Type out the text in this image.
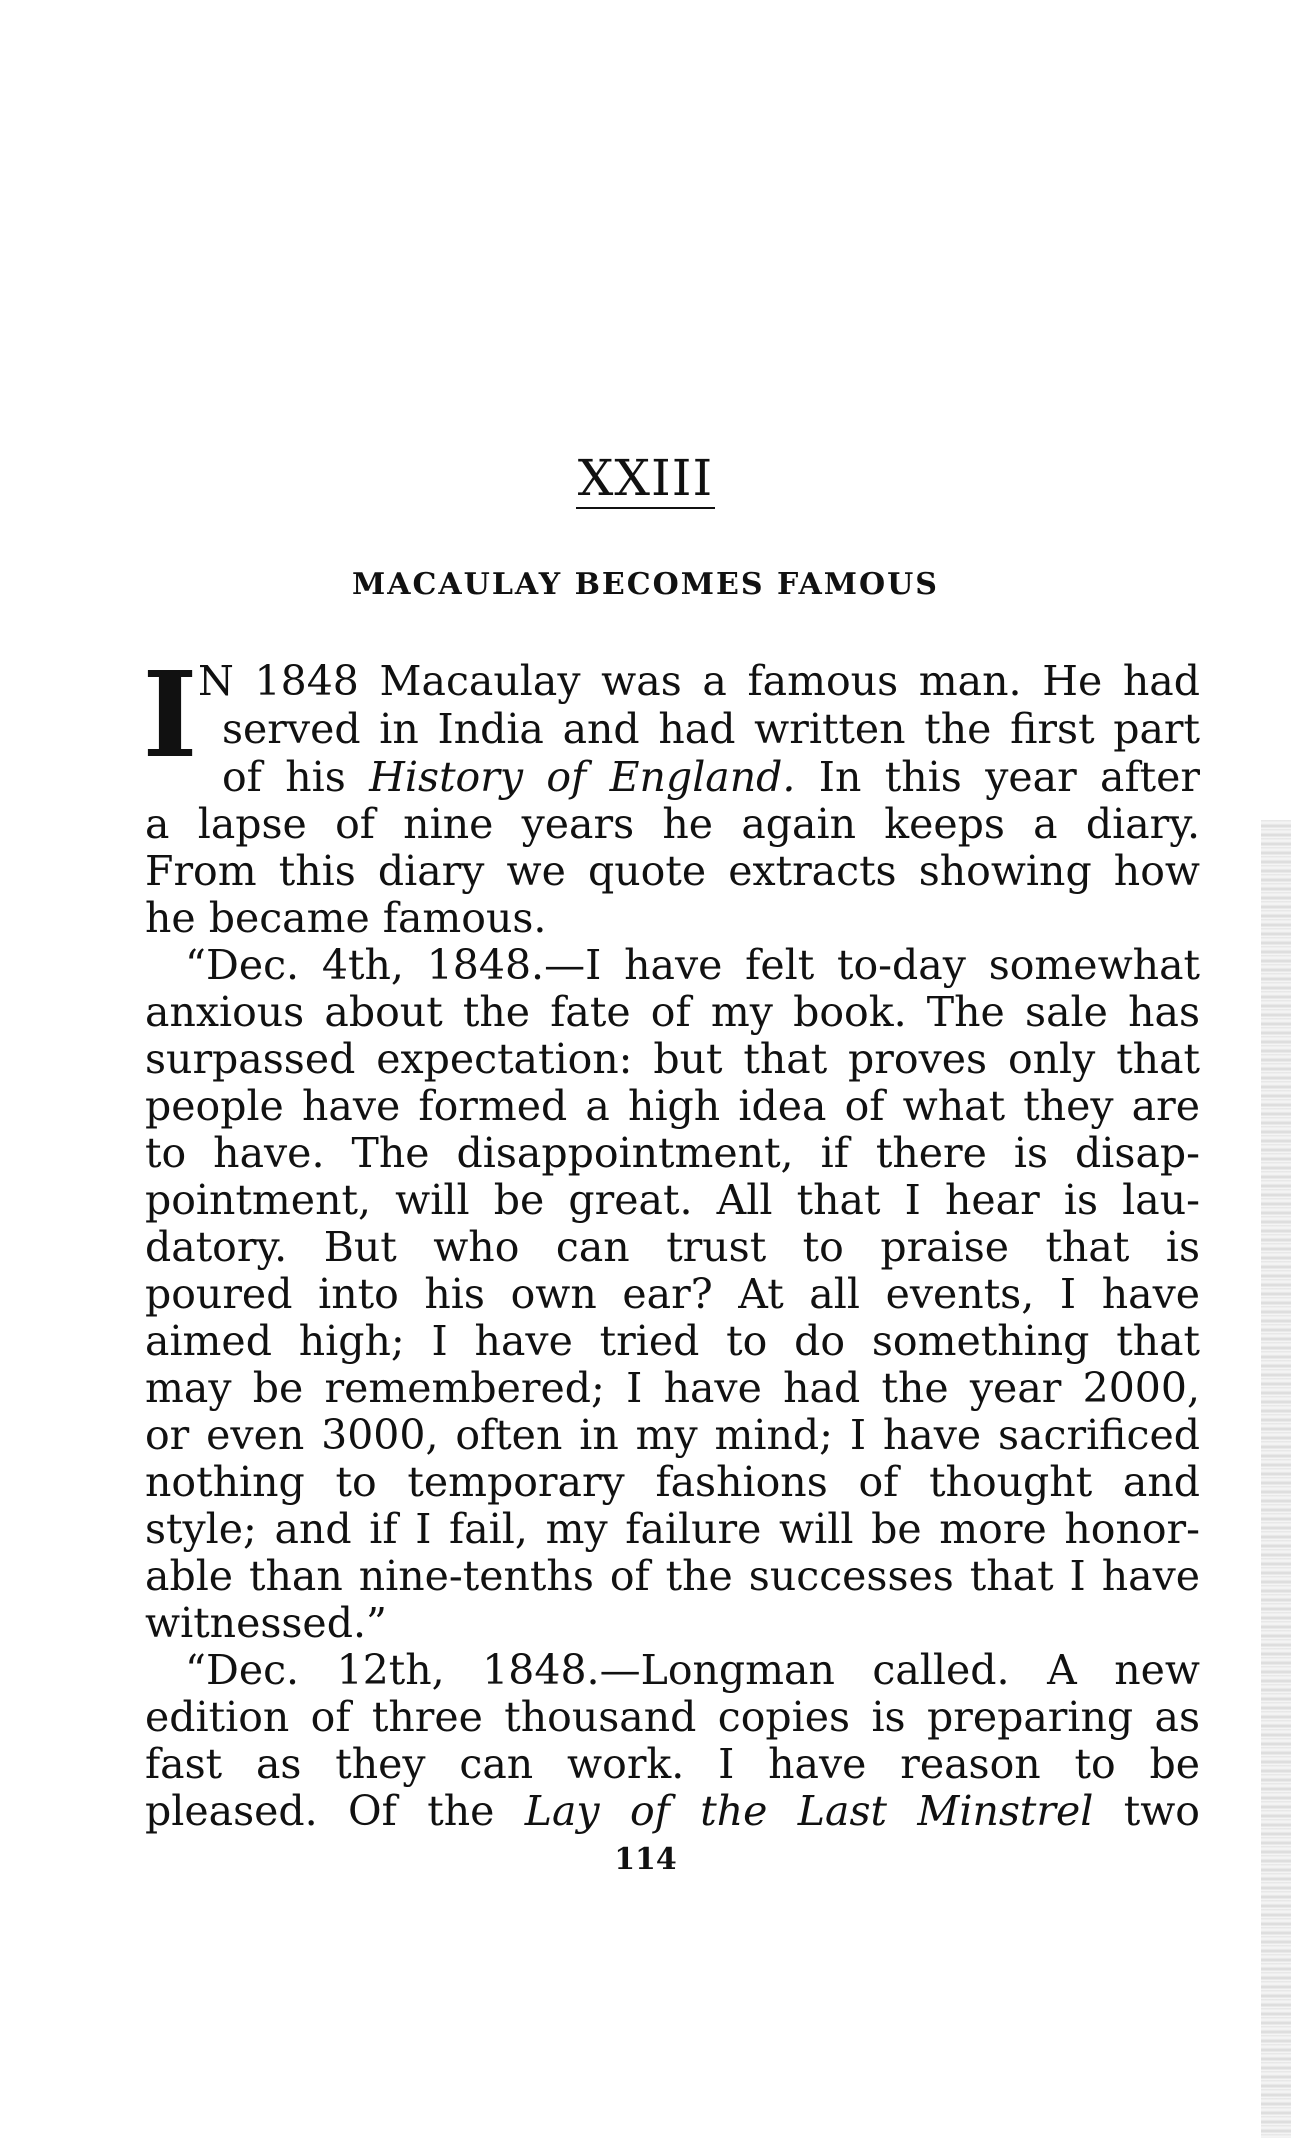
XXIII
MACAULAY BECOMES FAMOUS
I N 1848 Macaulay was a famous man. He had
served in India and had written the first part
of his History of England. In this year after
a lapse of nine years he again keeps a diary.
From this diary we quote extracts showing how
he became famous.
“Dec. 4th, 1848.—I have felt to-day somewhat
anxious about the fate of my book. The sale has
surpassed expectation: but that proves only that
people have formed a high idea of what they are
to have. The disappointment, if there is disap-
pointment, will be great. All that I hear is lau-
datory. But who can trust to praise that is
poured into his own ear? At all events, I have
aimed high; I have tried to do something that
may be remembered; I have had the year 2000,
or even 3000, often in my mind; I have sacrificed
nothing to temporary fashions of thought and
style; and if I fail, my failure will be more honor-
able than nine-tenths of the successes that I have
witnessed.”
“Dec. 12th, 1848.—Longman called. A new
edition of three thousand copies is preparing as
fast as they can work. I have reason to be
pleased. Of the Lay of the Last Minstrel two
114
